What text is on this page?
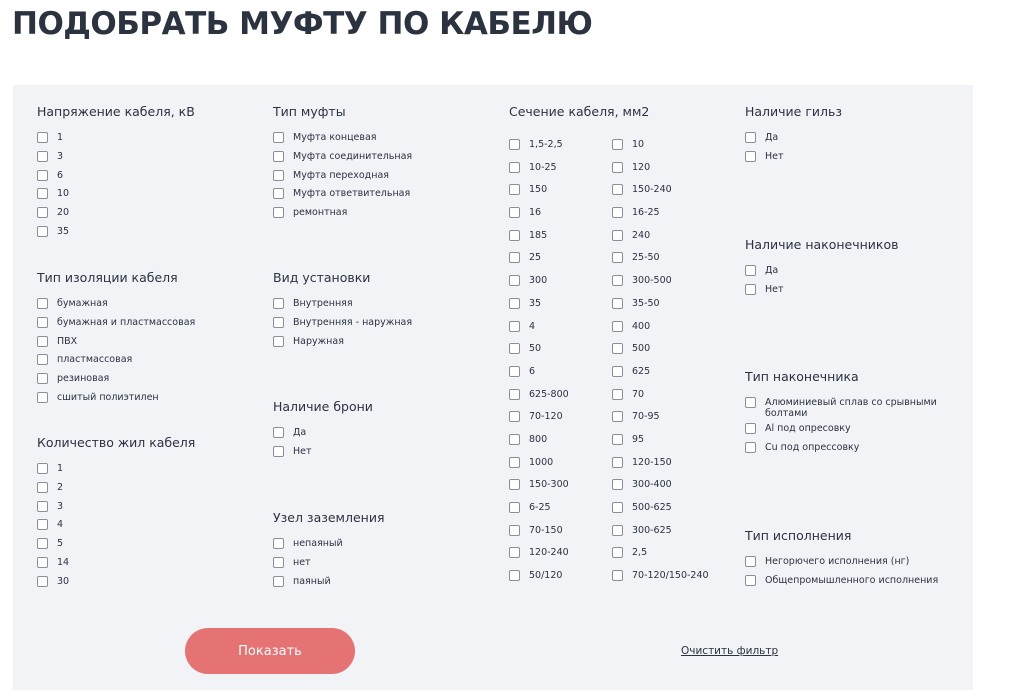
ПОДОБРАТЬ МУФТУ ПО КАБЕЛЮ
Напряжение кабеля, кВ
1
3
6
10
20
35
Тип изоляции кабеля
бумажная
бумажная и пластмассовая
ПВХ
пластмассовая
резиновая
сшитый полиэтилен
Количество жил кабеля
1
2
3
4
5
14
30
Тип муфты
Муфта концевая
Муфта соединительная
Муфта переходная
Муфта ответвительная
ремонтная
Вид установки
Внутренняя
Внутренняя - наружная
Наружная
Наличие брони
Да
Нет
Узел заземления
непаяный
нет
паяный
Сечение кабеля, мм2
1,5-2,5
10-25
150
16
185
25
300
35
4
50
6
625-800
70-120
800
1000
150-300
6-25
70-150
120-240
50/120
10
120
150-240
16-25
240
25-50
300-500
35-50
400
500
625
70
70-95
95
120-150
300-400
500-625
300-625
2,5
70-120/150-240
Наличие гильз
Да
Нет
Наличие наконечников
Да
Нет
Тип наконечника
Алюминиевый сплав со срывными болтами
Al под опресовку
Cu под опрессовку
Тип исполнения
Негорючего исполнения (нг)
Общепромышленного исполнения
Показать	Очистить фильтр
